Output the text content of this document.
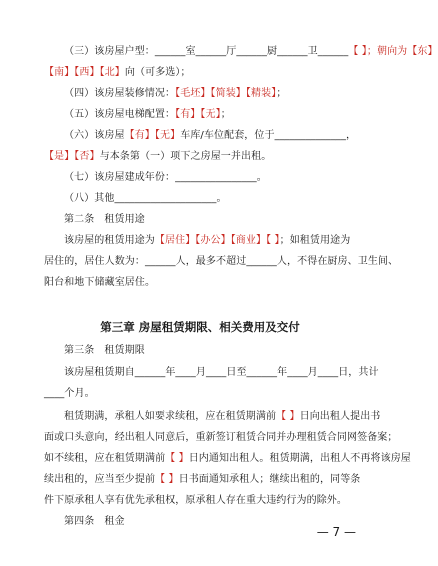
（三）该房屋户型：______室______厅______厨______卫______【 】；朝向为【东】
【南】【西】【北】向（可多选）；
（四）该房屋装修情况：【毛坯】【简装】【精装】；
（五）该房屋电梯配置：【有】【无】；
（六）该房屋【有】【无】车库/车位配套，位于______________，
【是】【否】与本条第（一）项下之房屋一并出租。
（七）该房屋建成年份：________________。
（八）其他____________________。
第二条　租赁用途
该房屋的租赁用途为【居住】【办公】【商业】【 】；如租赁用途为
居住的，居住人数为：______人，最多不超过______人，不得在厨房、卫生间、
阳台和地下储藏室居住。
第三章 房屋租赁期限、相关费用及交付
第三条　租赁期限
该房屋租赁期自______年____月____日至______年____月____日，共计
____个月。
租赁期满，承租人如要求续租，应在租赁期满前【 】日向出租人提出书
面或口头意向，经出租人同意后，重新签订租赁合同并办理租赁合同网签备案；
如不续租，应在租赁期满前【 】日内通知出租人。租赁期满，出租人不再将该房屋
续出租的，应当至少提前【 】日书面通知承租人；继续出租的，同等条
件下原承租人享有优先承租权，原承租人存在重大违约行为的除外。
第四条　租金
— 7 —
